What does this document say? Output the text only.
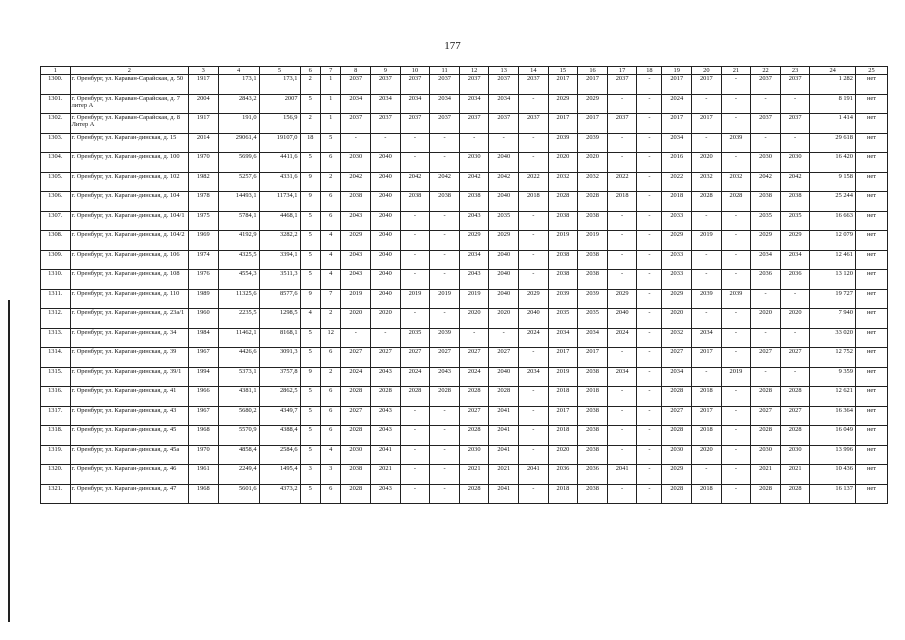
177
1	2	3	4	5	6	7	8	9	10	11	12	13	14	15	16	17	18	19	20	21	22	23	24	25
1300.	г. Оренбург, ул. Караван-Сарайская, д. 50	1917	173,1	173,1	2	1	2037	2037	2037	2037	2037	2037	2037	2017	2017	2037	-	2017	2017	-	2037	2037	1 282	нет
1301.	г. Оренбург, ул. Караван-Сарайская, д. 7 литер А	2004	2843,2	2007	5	1	2034	2034	2034	2034	2034	2034	-	2029	2029	-	-	2024	-	-	-	-	8 191	нет
1302.	г. Оренбург, ул. Караван-Сарайская, д. 8 Литер А	1917	191,0	156,9	2	1	2037	2037	2037	2037	2037	2037	2037	2017	2017	2037	-	2017	2017	-	2037	2037	1 414	нет
1303.	г. Оренбург, ул. Караган-динская, д. 15	2014	29061,4	19107,0	18	5	-	-	-	-	-	-	-	2039	2039	-	-	2034	-	2039	-	-	29 618	нет
1304.	г. Оренбург, ул. Караган-динская, д. 100	1970	5699,6	4411,6	5	6	2030	2040	-	-	2030	2040	-	2020	2020	-	-	2016	2020	-	2030	2030	16 420	нет
1305.	г. Оренбург, ул. Караган-динская, д. 102	1982	5257,6	4331,6	9	2	2042	2040	2042	2042	2042	2042	2022	2032	2032	2022	-	2022	2032	2032	2042	2042	9 158	нет
1306.	г. Оренбург, ул. Караган-динская, д. 104	1978	14493,1	11734,1	9	6	2038	2040	2038	2038	2038	2040	2018	2028	2028	2018	-	2018	2028	2028	2038	2038	25 244	нет
1307.	г. Оренбург, ул. Караган-динская, д. 104/1	1975	5784,1	4468,1	5	6	2043	2040	-	-	2043	2035	-	2038	2038	-	-	2033	-	-	2035	2035	16 663	нет
1308.	г. Оренбург, ул. Караган-динская, д. 104/2	1969	4192,9	3282,2	5	4	2029	2040	-	-	2029	2029	-	2019	2019	-	-	2029	2019	-	2029	2029	12 079	нет
1309.	г. Оренбург, ул. Караган-динская, д. 106	1974	4325,5	3394,1	5	4	2043	2040	-	-	2034	2040	-	2038	2038	-	-	2033	-	-	2034	2034	12 461	нет
1310.	г. Оренбург, ул. Караган-динская, д. 108	1976	4554,3	3511,3	5	4	2043	2040	-	-	2043	2040	-	2038	2038	-	-	2033	-	-	2036	2036	13 120	нет
1311.	г. Оренбург, ул. Караган-динская, д. 110	1989	11325,6	8577,6	9	7	2019	2040	2019	2019	2019	2040	2029	2039	2039	2029	-	2029	2039	2039	-	-	19 727	нет
1312.	г. Оренбург, ул. Караган-динская, д. 23а/1	1960	2235,5	1298,5	4	2	2020	2020	-	-	2020	2020	2040	2035	2035	2040	-	2020	-	-	2020	2020	7 940	нет
1313.	г. Оренбург, ул. Караган-динская, д. 34	1984	11462,1	8168,1	5	12	-	-	2035	2039	-	-	2024	2034	2034	2024	-	2032	2034	-	-	-	33 020	нет
1314.	г. Оренбург, ул. Караган-динская, д. 39	1967	4426,6	3091,3	5	6	2027	2027	2027	2027	2027	2027	-	2017	2017	-	-	2027	2017	-	2027	2027	12 752	нет
1315.	г. Оренбург, ул. Караган-динская, д. 39/1	1994	5373,1	3757,8	9	2	2024	2043	2024	2043	2024	2040	2034	2019	2038	2034	-	2034	-	2019	-	-	9 359	нет
1316.	г. Оренбург, ул. Караган-динская, д. 41	1966	4381,1	2862,5	5	6	2028	2028	2028	2028	2028	2028	-	2018	2018	-	-	2028	2018	-	2028	2028	12 621	нет
1317.	г. Оренбург, ул. Караган-динская, д. 43	1967	5680,2	4349,7	5	6	2027	2043	-	-	2027	2041	-	2017	2038	-	-	2027	2017	-	2027	2027	16 364	нет
1318.	г. Оренбург, ул. Караган-динская, д. 45	1968	5570,9	4388,4	5	6	2028	2043	-	-	2028	2041	-	2018	2038	-	-	2028	2018	-	2028	2028	16 049	нет
1319.	г. Оренбург, ул. Караган-динская, д. 45а	1970	4858,4	2584,6	5	4	2030	2041	-	-	2030	2041	-	2020	2038	-	-	2030	2020	-	2030	2030	13 996	нет
1320.	г. Оренбург, ул. Караган-динская, д. 46	1961	2249,4	1495,4	3	3	2038	2021	-	-	2021	2021	2041	2036	2036	2041	-	2029	-	-	2021	2021	10 436	нет
1321.	г. Оренбург, ул. Караган-динская, д. 47	1968	5601,6	4373,2	5	6	2028	2043	-	-	2028	2041	-	2018	2038	-	-	2028	2018	-	2028	2028	16 137	нет
